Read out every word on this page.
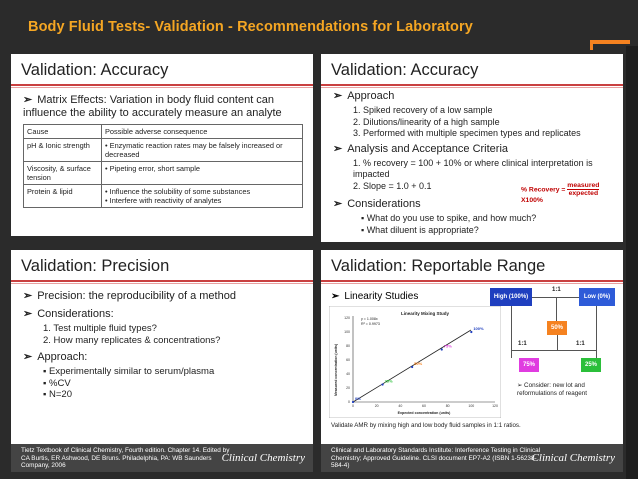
Body Fluid Tests- Validation - Recommendations for Laboratory
Validation: Accuracy
➢ Matrix Effects: Variation in body fluid content can influence the ability to accurately measure an analyte
Cause	Possible adverse consequence
pH & Ionic strength	• Enzymatic reaction rates may be falsely increased or decreased
Viscosity, & surface tension	• Pipeting error, short sample
Protein & lipid	• Influence the solubility of some substances
• Interfere with reactivity of analytes
Validation: Accuracy
➢ Approach
1. Spiked recovery of a low sample
2. Dilutions/linearity of a high sample
3. Performed with multiple specimen types and replicates
➢ Analysis and Acceptance Criteria
1. % recovery = 100 + 10% or where clinical interpretation is impacted
2. Slope = 1.0 + 0.1
➢ Considerations
▪ What do you use to spike, and how much?
▪ What diluent is appropriate?
% Recovery =
measured
expected
X100%
Validation: Precision
➢ Precision: the reproducibility of a method
➢ Considerations:
1. Test multiple fluid types?
2. How many replicates & concentrations?
➢ Approach:
▪ Experimentally similar to serum/plasma
▪ %CV
▪ N=20
Tietz Textbook of Clinical Chemistry, Fourth edition. Chapter 14. Edited by CA Burtis, ER Ashwood, DE Bruns. Philadelphia, PA: WB Saunders Company, 2006
Clinical Chemistry
Validation: Reportable Range
➢ Linearity Studies
Linearity Mixing Study
y = 1.008x
R² = 0.9973
0
20
40
60
80
100
120
0	20	40	60	80	100	120
Measured concentration (units)
Expected concentration (units)
0%
25%
50%
75%
100%
High (100%)	Low (0%)
1:1
50%
1:1	1:1
75%	25%
➢ Consider: new lot and reformulations of reagent
Validate AMR by mixing high and low body fluid samples in 1:1 ratios.
Clinical and Laboratory Standards Institute: Interference Testing in Clinical Chemistry; Approved Guideline. CLSI document EP7-A2 (ISBN 1-56238-584-4)
Clinical Chemistry
